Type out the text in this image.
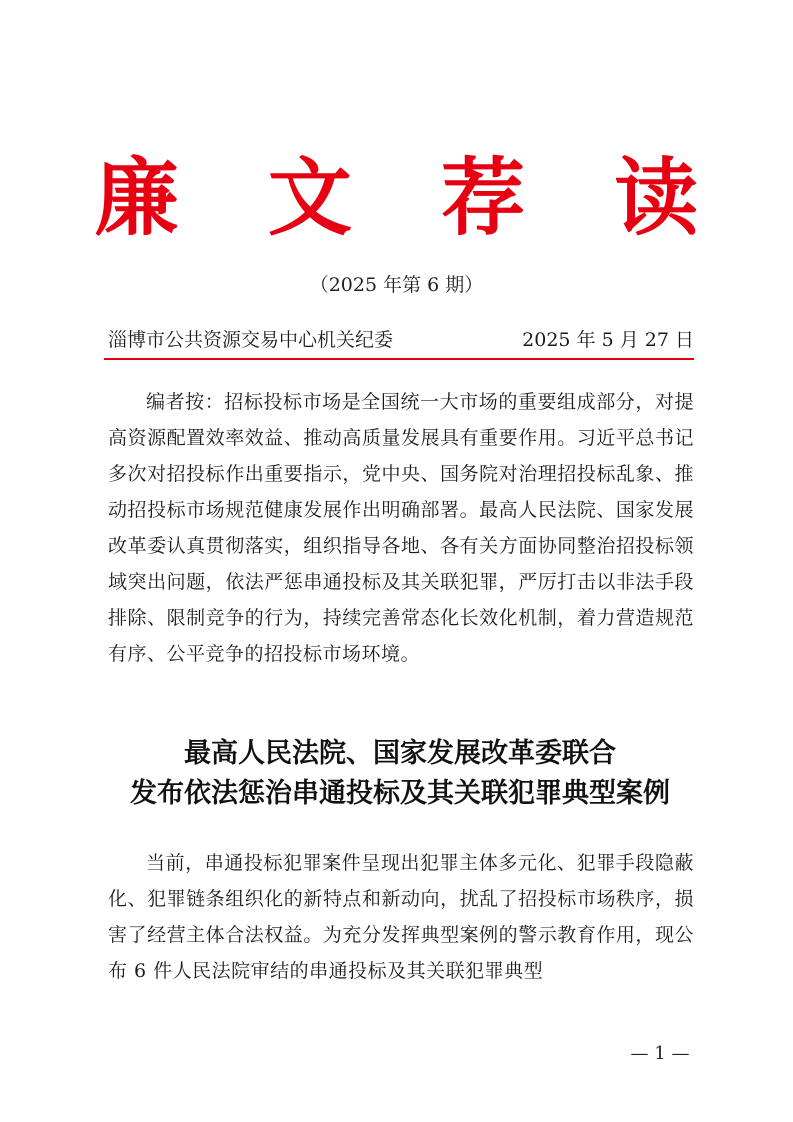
廉 文 荐 读
（2025 年第 6 期）
淄博市公共资源交易中心机关纪委	2025 年 5 月 27 日

编者按：招标投标市场是全国统一大市场的重要组成部分，对提高资源配置效率效益、推动高质量发展具有重要作用。习近平总书记多次对招投标作出重要指示，党中央、国务院对治理招投标乱象、推动招投标市场规范健康发展作出明确部署。最高人民法院、国家发展改革委认真贯彻落实，组织指导各地、各有关方面协同整治招投标领域突出问题，依法严惩串通投标及其关联犯罪，严厉打击以非法手段排除、限制竞争的行为，持续完善常态化长效化机制，着力营造规范有序、公平竞争的招投标市场环境。

最高人民法院、国家发展改革委联合
发布依法惩治串通投标及其关联犯罪典型案例

当前，串通投标犯罪案件呈现出犯罪主体多元化、犯罪手段隐蔽化、犯罪链条组织化的新特点和新动向，扰乱了招投标市场秩序，损害了经营主体合法权益。为充分发挥典型案例的警示教育作用，现公布 6 件人民法院审结的串通投标及其关联犯罪典型

— 1 —
